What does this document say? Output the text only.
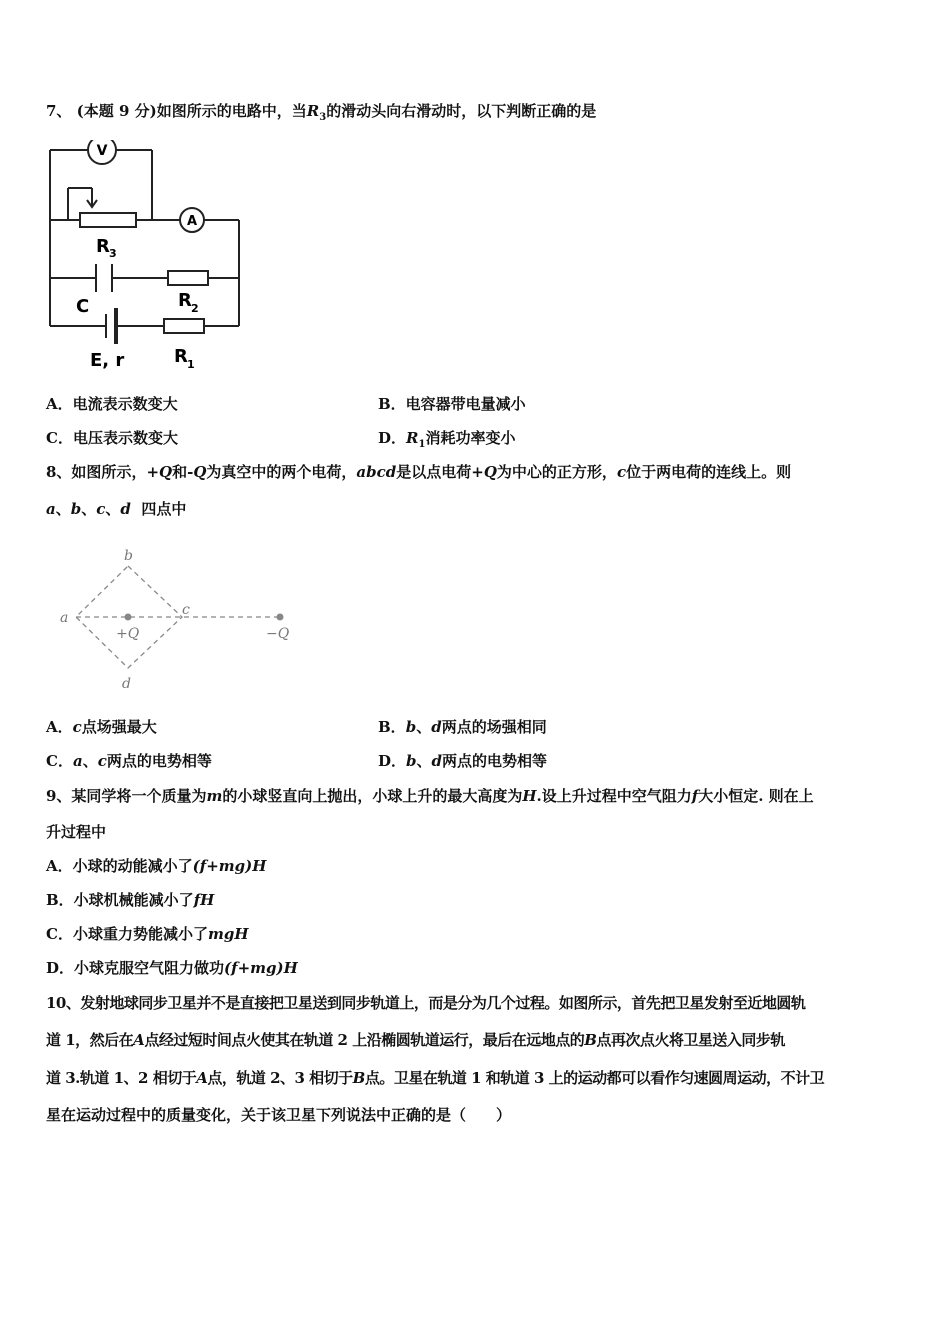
7、 (本题 9 分)如图所示的电路中，当$R_3$的滑动头向右滑动时，以下判断正确的是
V
A
R 3
C	R 2
E, r	R 1
A．电流表示数变大	B．电容器带电量减小
C．电压表示数变大	D．$R_1$消耗功率变小
8、如图所示，+Q和-Q为真空中的两个电荷，abcd是以点电荷+Q为中心的正方形，c位于两电荷的连线上。则
a、b、c、d  四点中
b
a	c
d
+Q	−Q
A．c点场强最大	B．b、d两点的场强相同
C．a、c两点的电势相等	D．b、d两点的电势相等
9、某同学将一个质量为m的小球竖直向上抛出，小球上升的最大高度为H.设上升过程中空气阻力f大小恒定. 则在上
升过程中
A．小球的动能减小了(f+mg)H
B．小球机械能减小了fH
C．小球重力势能减小了mgH
D．小球克服空气阻力做功(f+mg)H
10、发射地球同步卫星并不是直接把卫星送到同步轨道上，而是分为几个过程。如图所示，首先把卫星发射至近地圆轨
道 1，然后在A点经过短时间点火使其在轨道 2 上沿椭圆轨道运行，最后在远地点的B点再次点火将卫星送入同步轨
道 3.轨道 1、2 相切于A点，轨道 2、3 相切于B点。卫星在轨道 1 和轨道 3 上的运动都可以看作匀速圆周运动，不计卫
星在运动过程中的质量变化，关于该卫星下列说法中正确的是（　　）
